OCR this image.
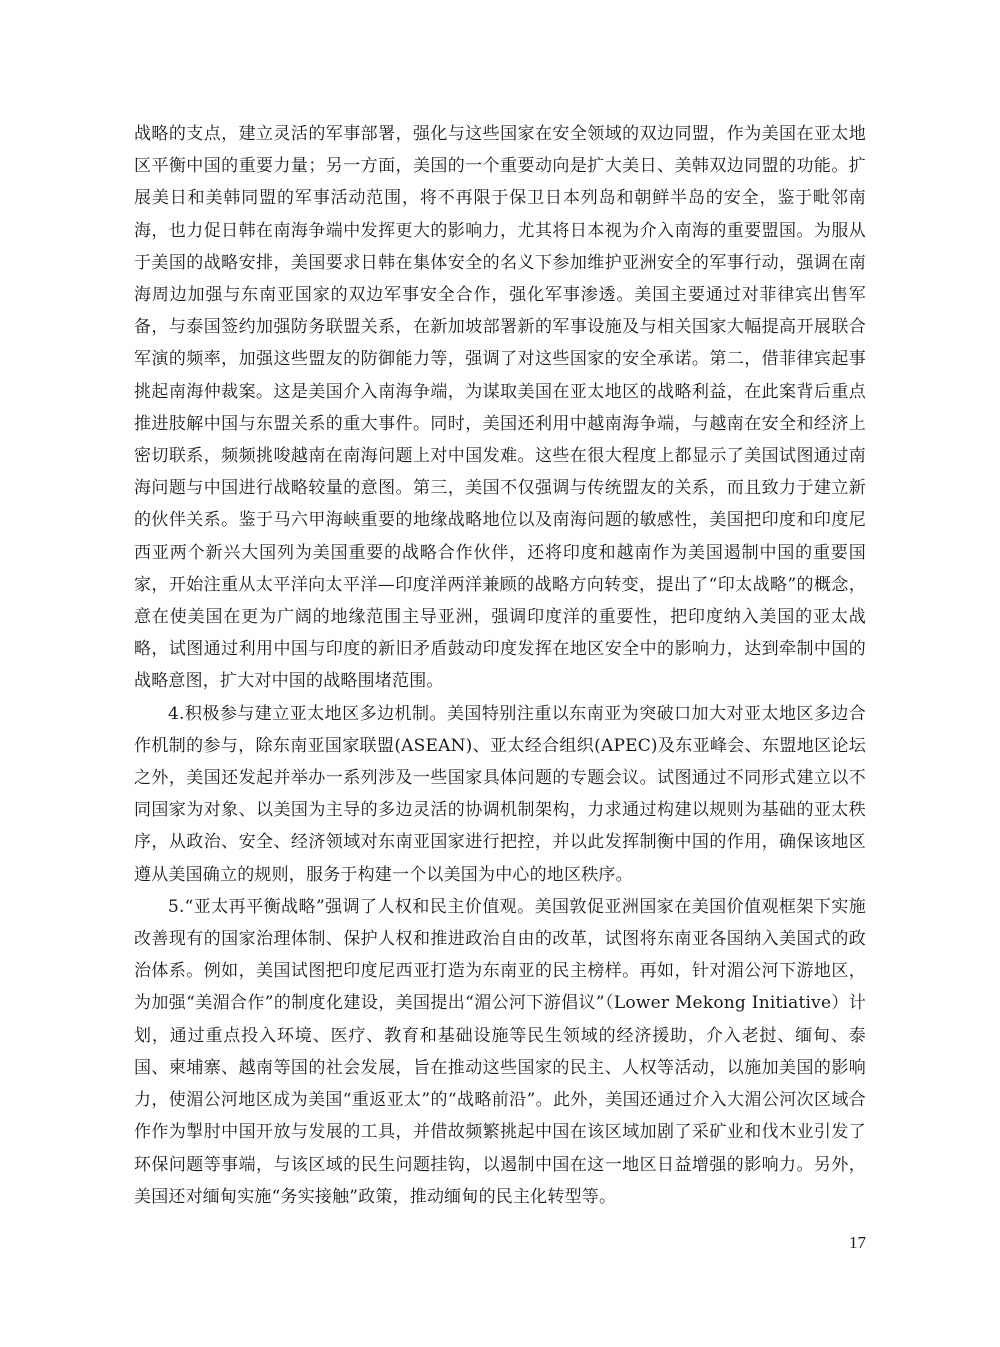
战略的支点，建立灵活的军事部署，强化与这些国家在安全领域的双边同盟，作为美国在亚太地区平衡中国的重要力量；另一方面，美国的一个重要动向是扩大美日、美韩双边同盟的功能。扩展美日和美韩同盟的军事活动范围，将不再限于保卫日本列岛和朝鲜半岛的安全，鉴于毗邻南海，也力促日韩在南海争端中发挥更大的影响力，尤其将日本视为介入南海的重要盟国。为服从于美国的战略安排，美国要求日韩在集体安全的名义下参加维护亚洲安全的军事行动，强调在南海周边加强与东南亚国家的双边军事安全合作，强化军事渗透。美国主要通过对菲律宾出售军备，与泰国签约加强防务联盟关系，在新加坡部署新的军事设施及与相关国家大幅提高开展联合军演的频率，加强这些盟友的防御能力等，强调了对这些国家的安全承诺。第二，借菲律宾起事挑起南海仲裁案。这是美国介入南海争端，为谋取美国在亚太地区的战略利益，在此案背后重点推进肢解中国与东盟关系的重大事件。同时，美国还利用中越南海争端，与越南在安全和经济上密切联系，频频挑唆越南在南海问题上对中国发难。这些在很大程度上都显示了美国试图通过南海问题与中国进行战略较量的意图。第三，美国不仅强调与传统盟友的关系，而且致力于建立新的伙伴关系。鉴于马六甲海峡重要的地缘战略地位以及南海问题的敏感性，美国把印度和印度尼西亚两个新兴大国列为美国重要的战略合作伙伴，还将印度和越南作为美国遏制中国的重要国家，开始注重从太平洋向太平洋—印度洋两洋兼顾的战略方向转变，提出了“印太战略”的概念，意在使美国在更为广阔的地缘范围主导亚洲，强调印度洋的重要性，把印度纳入美国的亚太战略，试图通过利用中国与印度的新旧矛盾鼓动印度发挥在地区安全中的影响力，达到牵制中国的战略意图，扩大对中国的战略围堵范围。

4.积极参与建立亚太地区多边机制。美国特别注重以东南亚为突破口加大对亚太地区多边合作机制的参与，除东南亚国家联盟(ASEAN)、亚太经合组织(APEC)及东亚峰会、东盟地区论坛之外，美国还发起并举办一系列涉及一些国家具体问题的专题会议。试图通过不同形式建立以不同国家为对象、以美国为主导的多边灵活的协调机制架构，力求通过构建以规则为基础的亚太秩序，从政治、安全、经济领域对东南亚国家进行把控，并以此发挥制衡中国的作用，确保该地区遵从美国确立的规则，服务于构建一个以美国为中心的地区秩序。

5.“亚太再平衡战略”强调了人权和民主价值观。美国敦促亚洲国家在美国价值观框架下实施改善现有的国家治理体制、保护人权和推进政治自由的改革，试图将东南亚各国纳入美国式的政治体系。例如，美国试图把印度尼西亚打造为东南亚的民主榜样。再如，针对湄公河下游地区，为加强“美湄合作”的制度化建设，美国提出“湄公河下游倡议”（Lower Mekong Initiative）计划，通过重点投入环境、医疗、教育和基础设施等民生领域的经济援助，介入老挝、缅甸、泰国、柬埔寨、越南等国的社会发展，旨在推动这些国家的民主、人权等活动，以施加美国的影响力，使湄公河地区成为美国“重返亚太”的“战略前沿”。此外，美国还通过介入大湄公河次区域合作作为掣肘中国开放与发展的工具，并借故频繁挑起中国在该区域加剧了采矿业和伐木业引发了环保问题等事端，与该区域的民生问题挂钩，以遏制中国在这一地区日益增强的影响力。另外，美国还对缅甸实施“务实接触”政策，推动缅甸的民主化转型等。

17
